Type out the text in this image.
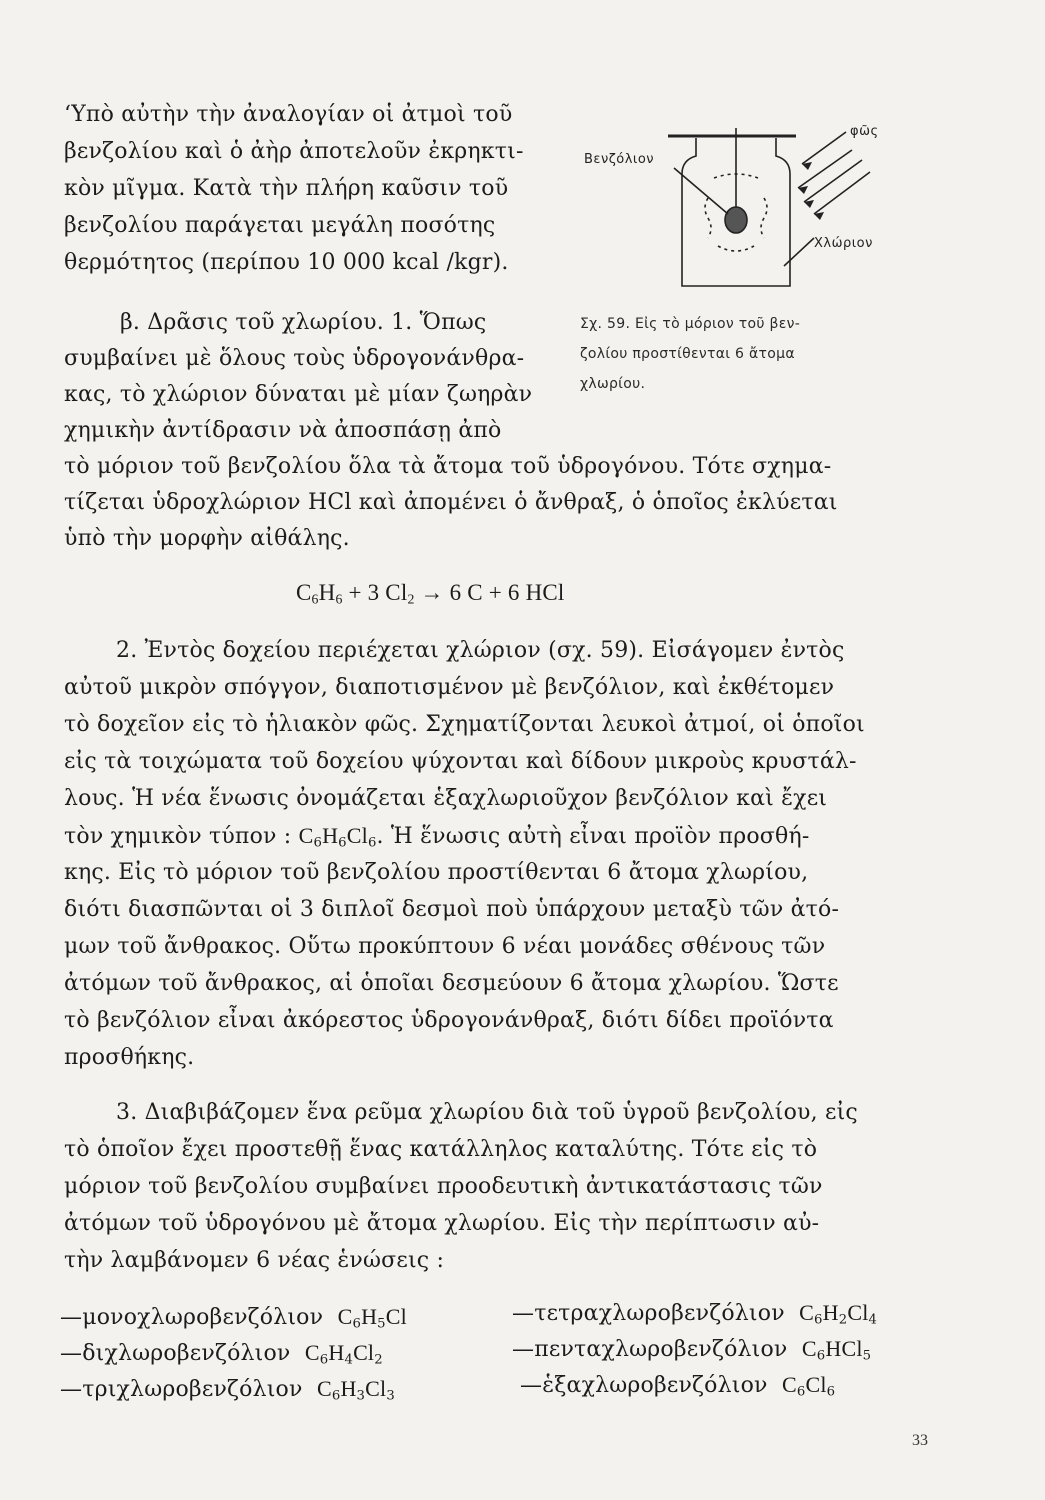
‘Υπὸ αὐτὴν τὴν ἀναλογίαν οἱ ἀτμοὶ τοῦ
βενζολίου καὶ ὁ ἀὴρ ἀποτελοῦν ἐκρηκτι-
κὸν μῖγμα. Κατὰ τὴν πλήρη καῦσιν τοῦ
βενζολίου παράγεται μεγάλη ποσότης
θερμότητος (περίπου 10 000 kcal /kgr).
Βενζόλιον
φῶς
Χλώριον
Σχ. 59. Εἰς τὸ μόριον τοῦ βεν-
ζολίου προστίθενται 6 ἄτομα
χλωρίου.
β. Δρᾶσις τοῦ χλωρίου. 1. Ὅπως
συμβαίνει μὲ ὅλους τοὺς ὑδρογονάνθρα-
κας, τὸ χλώριον δύναται μὲ μίαν ζωηρὰν
χημικὴν ἀντίδρασιν νὰ ἀποσπάσῃ ἀπὸ
τὸ μόριον τοῦ βενζολίου ὅλα τὰ ἄτομα τοῦ ὑδρογόνου. Τότε σχημα-
τίζεται ὑδροχλώριον HCl καὶ ἀπομένει ὁ ἄνθραξ, ὁ ὁποῖος ἐκλύεται
ὑπὸ τὴν μορφὴν αἰθάλης.
$C_6H_6 + 3$ $Cl_2 \to 6$ C + 6 HCl
2. Ἐντὸς δοχείου περιέχεται χλώριον (σχ. 59). Εἰσάγομεν ἐντὸς
αὐτοῦ μικρὸν σπόγγον, διαποτισμένον μὲ βενζόλιον, καὶ ἐκθέτομεν
τὸ δοχεῖον εἰς τὸ ἡλιακὸν φῶς. Σχηματίζονται λευκοὶ ἀτμοί, οἱ ὁποῖοι
εἰς τὰ τοιχώματα τοῦ δοχείου ψύχονται καὶ δίδουν μικροὺς κρυστάλ-
λους. Ἡ νέα ἕνωσις ὀνομάζεται ἑξαχλωριοῦχον βενζόλιον καὶ ἔχει
τὸν χημικὸν τύπον : $C_6H_6Cl_6$. Ἡ ἕνωσις αὐτὴ εἶναι προϊὸν προσθή-
κης. Εἰς τὸ μόριον τοῦ βενζολίου προστίθενται 6 ἄτομα χλωρίου,
διότι διασπῶνται οἱ 3 διπλοῖ δεσμοὶ ποὺ ὑπάρχουν μεταξὺ τῶν ἀτό-
μων τοῦ ἄνθρακος. Οὕτω προκύπτουν 6 νέαι μονάδες σθένους τῶν
ἀτόμων τοῦ ἄνθρακος, αἱ ὁποῖαι δεσμεύουν 6 ἄτομα χλωρίου. Ὥστε
τὸ βενζόλιον εἶναι ἀκόρεστος ὑδρογονάνθραξ, διότι δίδει προϊόντα
προσθήκης.
3. Διαβιβάζομεν ἕνα ρεῦμα χλωρίου διὰ τοῦ ὑγροῦ βενζολίου, εἰς
τὸ ὁποῖον ἔχει προστεθῇ ἕνας κατάλληλος καταλύτης. Τότε εἰς τὸ
μόριον τοῦ βενζολίου συμβαίνει προοδευτικὴ ἀντικατάστασις τῶν
ἀτόμων τοῦ ὑδρογόνου μὲ ἄτομα χλωρίου. Εἰς τὴν περίπτωσιν αὐ-
τὴν λαμβάνομεν 6 νέας ἑνώσεις :
—μονοχλωροβενζόλιον $C_6H_5Cl$	—τετραχλωροβενζόλιον $C_6H_2Cl_4$
—διχλωροβενζόλιον $C_6H_4Cl_2$	—πενταχλωροβενζόλιον $C_6HCl_5$
—τριχλωροβενζόλιον $C_6H_3Cl_3$	—ἑξαχλωροβενζόλιον $C_6Cl_6$
33
